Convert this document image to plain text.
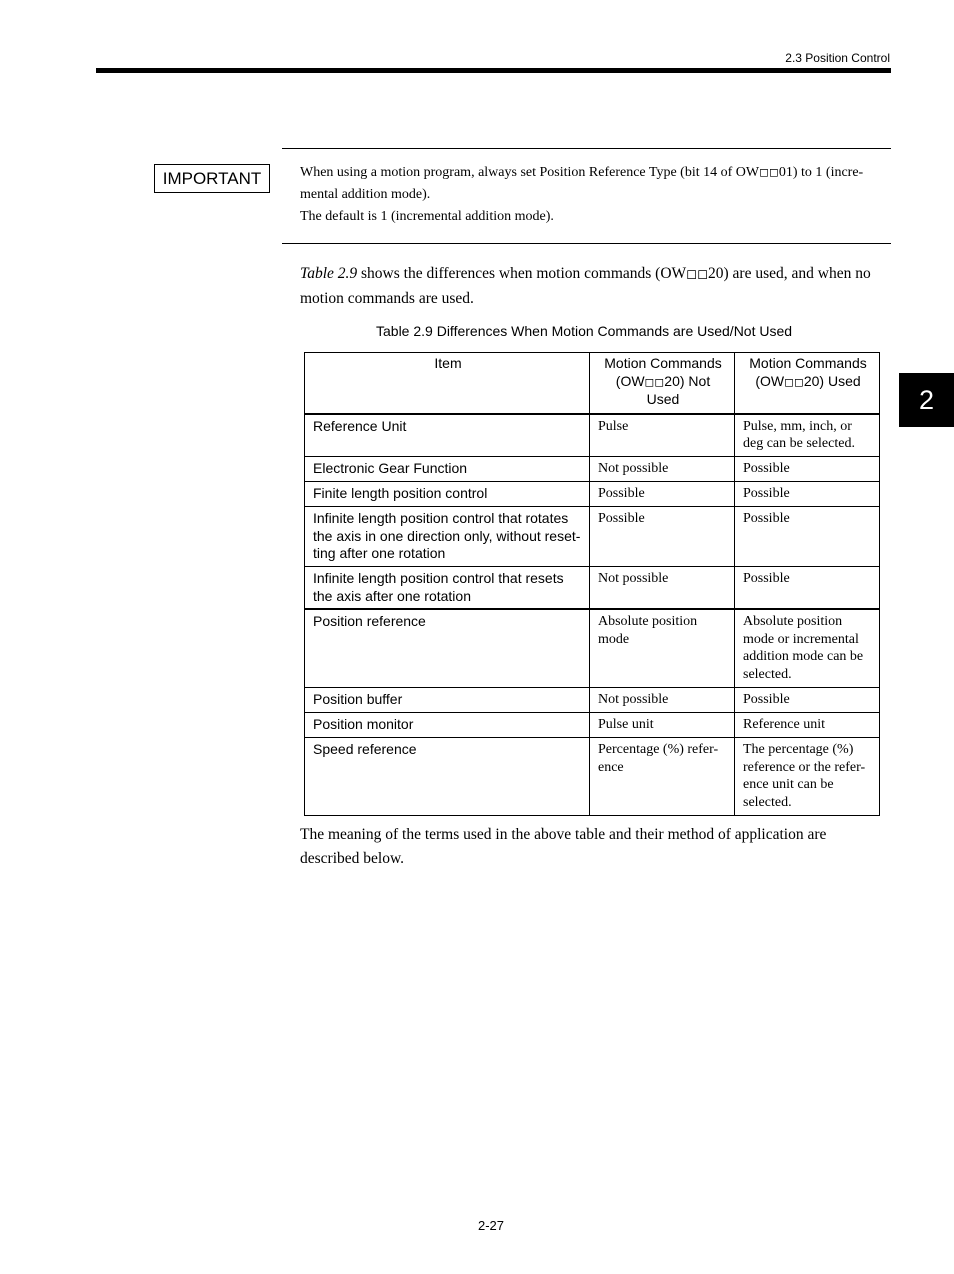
2.3 Position Control
IMPORTANT	When using a motion program, always set Position Reference Type (bit 14 of OW◻◻01) to 1 (incre-

mental addition mode).

The default is 1 (incremental addition mode).

Table 2.9 shows the differences when motion commands (OW◻◻20) are used, and when no motion commands are used.

Table 2.9 Differences When Motion Commands are Used/Not Used
Item	Motion Commands (OW◻◻20) Not Used	Motion Commands (OW◻◻20) Used
Reference Unit	Pulse	Pulse, mm, inch, or deg can be selected.
Electronic Gear Function	Not possible	Possible
Finite length position control	Possible	Possible
Infinite length position control that rotates the axis in one direction only, without reset-ting after one rotation	Possible	Possible
Infinite length position control that resets the axis after one rotation	Not possible	Possible
Position reference	Absolute position mode	Absolute position mode or incremental addition mode can be selected.
Position buffer	Not possible	Possible
Position monitor	Pulse unit	Reference unit
Speed reference	Percentage (%) refer-ence	The percentage (%) reference or the refer-ence unit can be selected.

The meaning of the terms used in the above table and their method of application are described below.

2
2-27
